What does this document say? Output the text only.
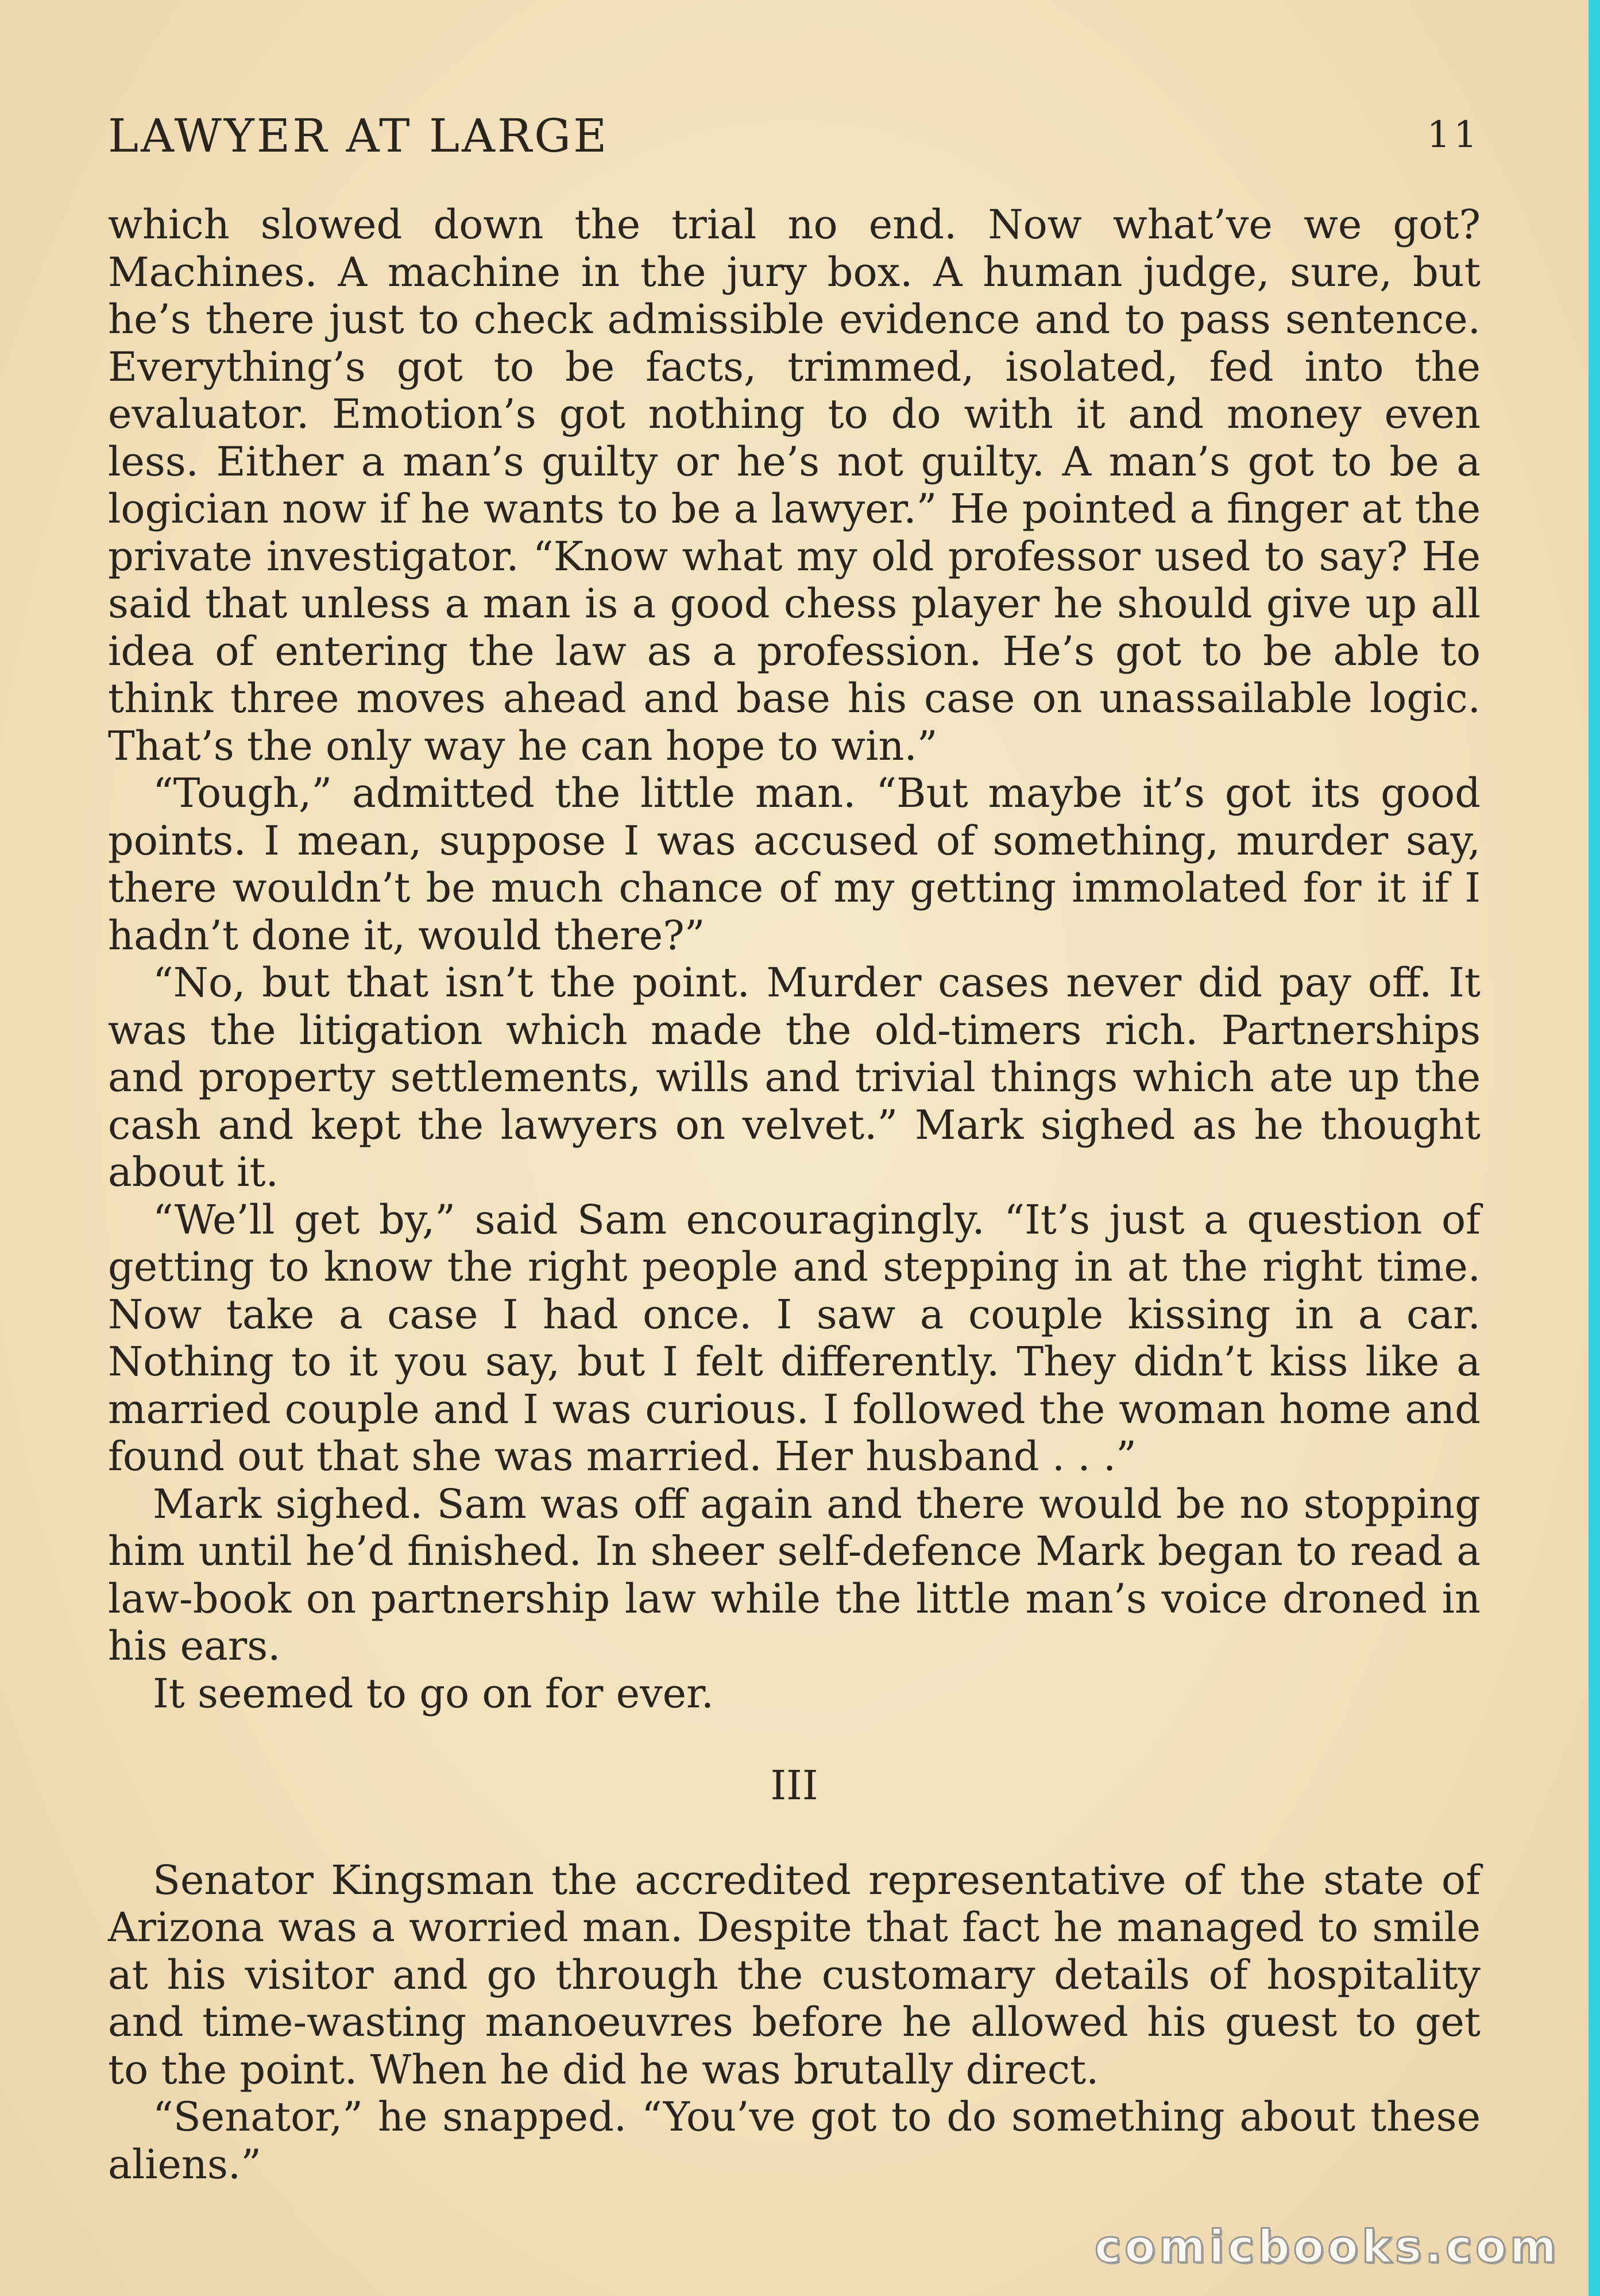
LAWYER AT LARGE	11

which slowed down the trial no end. Now what’ve we got? Machines. A machine in the jury box. A human judge, sure, but he’s there just to check admissible evidence and to pass sentence. Everything’s got to be facts, trimmed, isolated, fed into the evaluator. Emotion’s got nothing to do with it and money even less. Either a man’s guilty or he’s not guilty. A man’s got to be a logician now if he wants to be a lawyer.” He pointed a finger at the private investigator. “Know what my old professor used to say? He said that unless a man is a good chess player he should give up all idea of entering the law as a profession. He’s got to be able to think three moves ahead and base his case on unassailable logic. That’s the only way he can hope to win.”

“Tough,” admitted the little man. “But maybe it’s got its good points. I mean, suppose I was accused of something, murder say, there wouldn’t be much chance of my getting immolated for it if I hadn’t done it, would there?”

“No, but that isn’t the point. Murder cases never did pay off. It was the litigation which made the old-timers rich. Partnerships and property settlements, wills and trivial things which ate up the cash and kept the lawyers on velvet.” Mark sighed as he thought about it.

“We’ll get by,” said Sam encouragingly. “It’s just a question of getting to know the right people and stepping in at the right time. Now take a case I had once. I saw a couple kissing in a car. Nothing to it you say, but I felt differently. They didn’t kiss like a married couple and I was curious. I followed the woman home and found out that she was married. Her husband . . .”

Mark sighed. Sam was off again and there would be no stopping him until he’d finished. In sheer self-defence Mark began to read a law-book on partnership law while the little man’s voice droned in his ears.

It seemed to go on for ever.

III

Senator Kingsman the accredited representative of the state of Arizona was a worried man. Despite that fact he managed to smile at his visitor and go through the customary details of hospitality and time-wasting manoeuvres before he allowed his guest to get to the point. When he did he was brutally direct.

“Senator,” he snapped. “You’ve got to do something about these aliens.”

comicbooks.com
